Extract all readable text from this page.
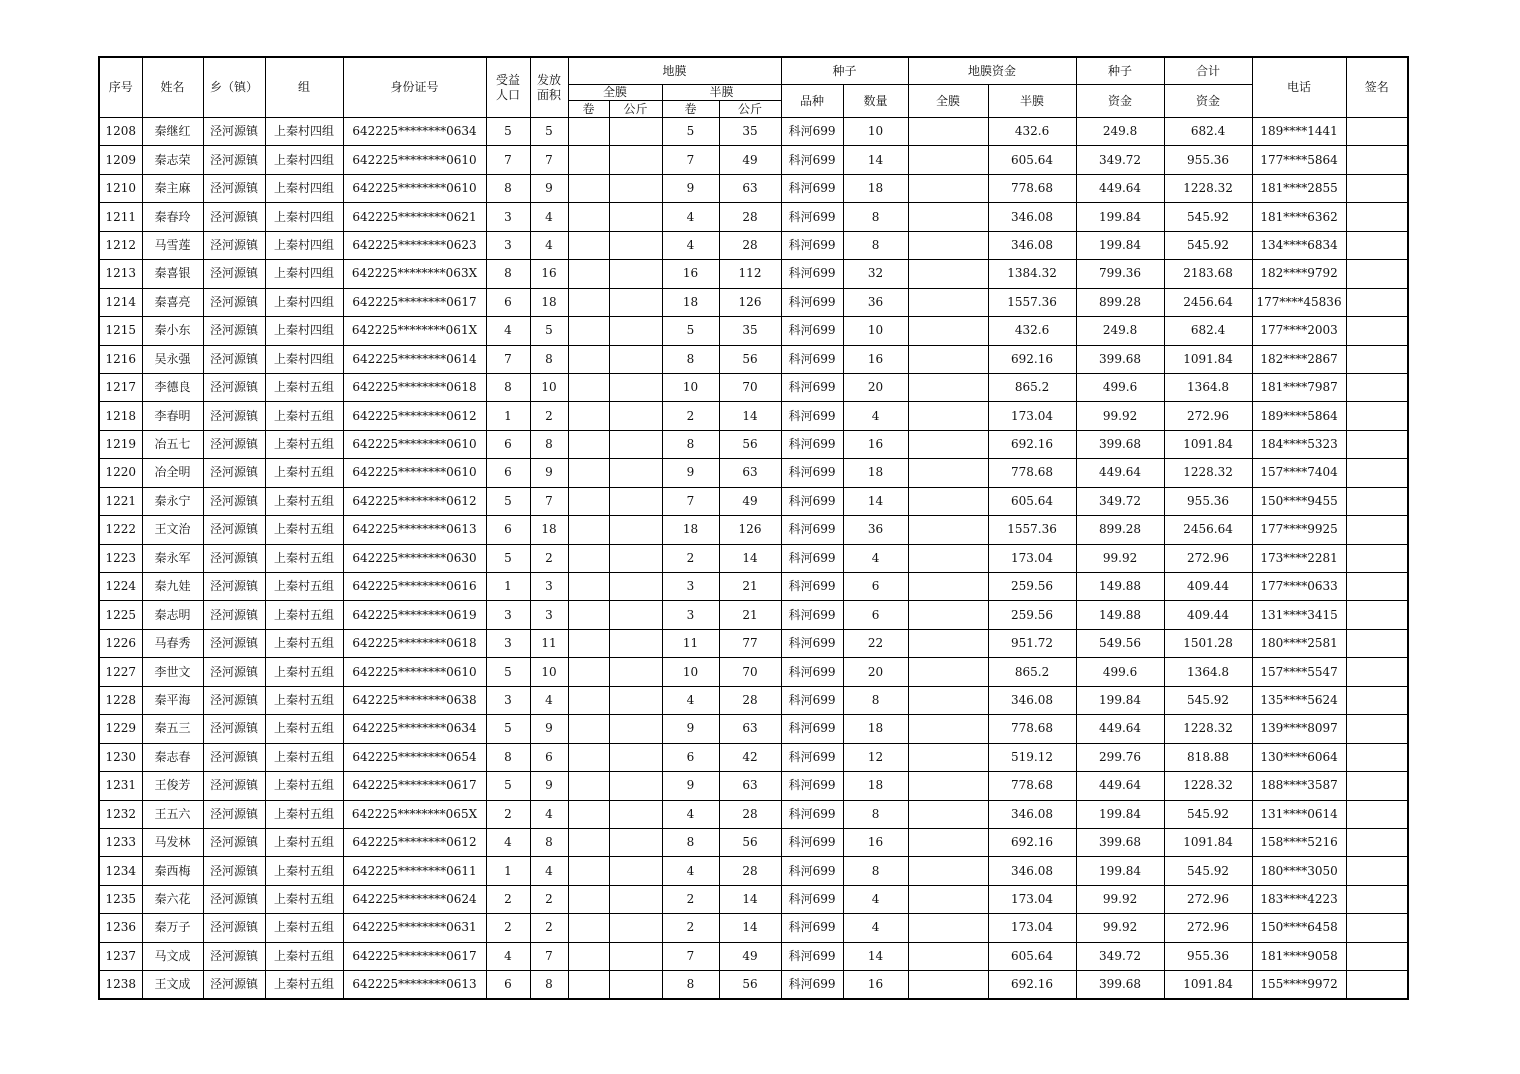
序号	姓名	乡（镇）	组	身份证号	受益
人口	发放
面积	地膜				种子		地膜资金		种子	合计	电话	签名
							全膜		半膜		品种	数量	全膜	半膜	资金	资金		
							卷	公斤	卷	公斤								
1208	秦继红	泾河源镇	上秦村四组	642225********0634	5	5			5	35	科河699	10		432.6	249.8	682.4	189****1441	
1209	秦志荣	泾河源镇	上秦村四组	642225********0610	7	7			7	49	科河699	14		605.64	349.72	955.36	177****5864	
1210	秦主麻	泾河源镇	上秦村四组	642225********0610	8	9			9	63	科河699	18		778.68	449.64	1228.32	181****2855	
1211	秦春玲	泾河源镇	上秦村四组	642225********0621	3	4			4	28	科河699	8		346.08	199.84	545.92	181****6362	
1212	马雪莲	泾河源镇	上秦村四组	642225********0623	3	4			4	28	科河699	8		346.08	199.84	545.92	134****6834	
1213	秦喜银	泾河源镇	上秦村四组	642225********063X	8	16			16	112	科河699	32		1384.32	799.36	2183.68	182****9792	
1214	秦喜亮	泾河源镇	上秦村四组	642225********0617	6	18			18	126	科河699	36		1557.36	899.28	2456.64	177****45836	
1215	秦小东	泾河源镇	上秦村四组	642225********061X	4	5			5	35	科河699	10		432.6	249.8	682.4	177****2003	
1216	吴永强	泾河源镇	上秦村四组	642225********0614	7	8			8	56	科河699	16		692.16	399.68	1091.84	182****2867	
1217	李德良	泾河源镇	上秦村五组	642225********0618	8	10			10	70	科河699	20		865.2	499.6	1364.8	181****7987	
1218	李春明	泾河源镇	上秦村五组	642225********0612	1	2			2	14	科河699	4		173.04	99.92	272.96	189****5864	
1219	冶五七	泾河源镇	上秦村五组	642225********0610	6	8			8	56	科河699	16		692.16	399.68	1091.84	184****5323	
1220	冶全明	泾河源镇	上秦村五组	642225********0610	6	9			9	63	科河699	18		778.68	449.64	1228.32	157****7404	
1221	秦永宁	泾河源镇	上秦村五组	642225********0612	5	7			7	49	科河699	14		605.64	349.72	955.36	150****9455	
1222	王文治	泾河源镇	上秦村五组	642225********0613	6	18			18	126	科河699	36		1557.36	899.28	2456.64	177****9925	
1223	秦永军	泾河源镇	上秦村五组	642225********0630	5	2			2	14	科河699	4		173.04	99.92	272.96	173****2281	
1224	秦九娃	泾河源镇	上秦村五组	642225********0616	1	3			3	21	科河699	6		259.56	149.88	409.44	177****0633	
1225	秦志明	泾河源镇	上秦村五组	642225********0619	3	3			3	21	科河699	6		259.56	149.88	409.44	131****3415	
1226	马春秀	泾河源镇	上秦村五组	642225********0618	3	11			11	77	科河699	22		951.72	549.56	1501.28	180****2581	
1227	李世文	泾河源镇	上秦村五组	642225********0610	5	10			10	70	科河699	20		865.2	499.6	1364.8	157****5547	
1228	秦平海	泾河源镇	上秦村五组	642225********0638	3	4			4	28	科河699	8		346.08	199.84	545.92	135****5624	
1229	秦五三	泾河源镇	上秦村五组	642225********0634	5	9			9	63	科河699	18		778.68	449.64	1228.32	139****8097	
1230	秦志春	泾河源镇	上秦村五组	642225********0654	8	6			6	42	科河699	12		519.12	299.76	818.88	130****6064	
1231	王俊芳	泾河源镇	上秦村五组	642225********0617	5	9			9	63	科河699	18		778.68	449.64	1228.32	188****3587	
1232	王五六	泾河源镇	上秦村五组	642225********065X	2	4			4	28	科河699	8		346.08	199.84	545.92	131****0614	
1233	马发林	泾河源镇	上秦村五组	642225********0612	4	8			8	56	科河699	16		692.16	399.68	1091.84	158****5216	
1234	秦西梅	泾河源镇	上秦村五组	642225********0611	1	4			4	28	科河699	8		346.08	199.84	545.92	180****3050	
1235	秦六花	泾河源镇	上秦村五组	642225********0624	2	2			2	14	科河699	4		173.04	99.92	272.96	183****4223	
1236	秦万子	泾河源镇	上秦村五组	642225********0631	2	2			2	14	科河699	4		173.04	99.92	272.96	150****6458	
1237	马文成	泾河源镇	上秦村五组	642225********0617	4	7			7	49	科河699	14		605.64	349.72	955.36	181****9058	
1238	王文成	泾河源镇	上秦村五组	642225********0613	6	8			8	56	科河699	16		692.16	399.68	1091.84	155****9972	
